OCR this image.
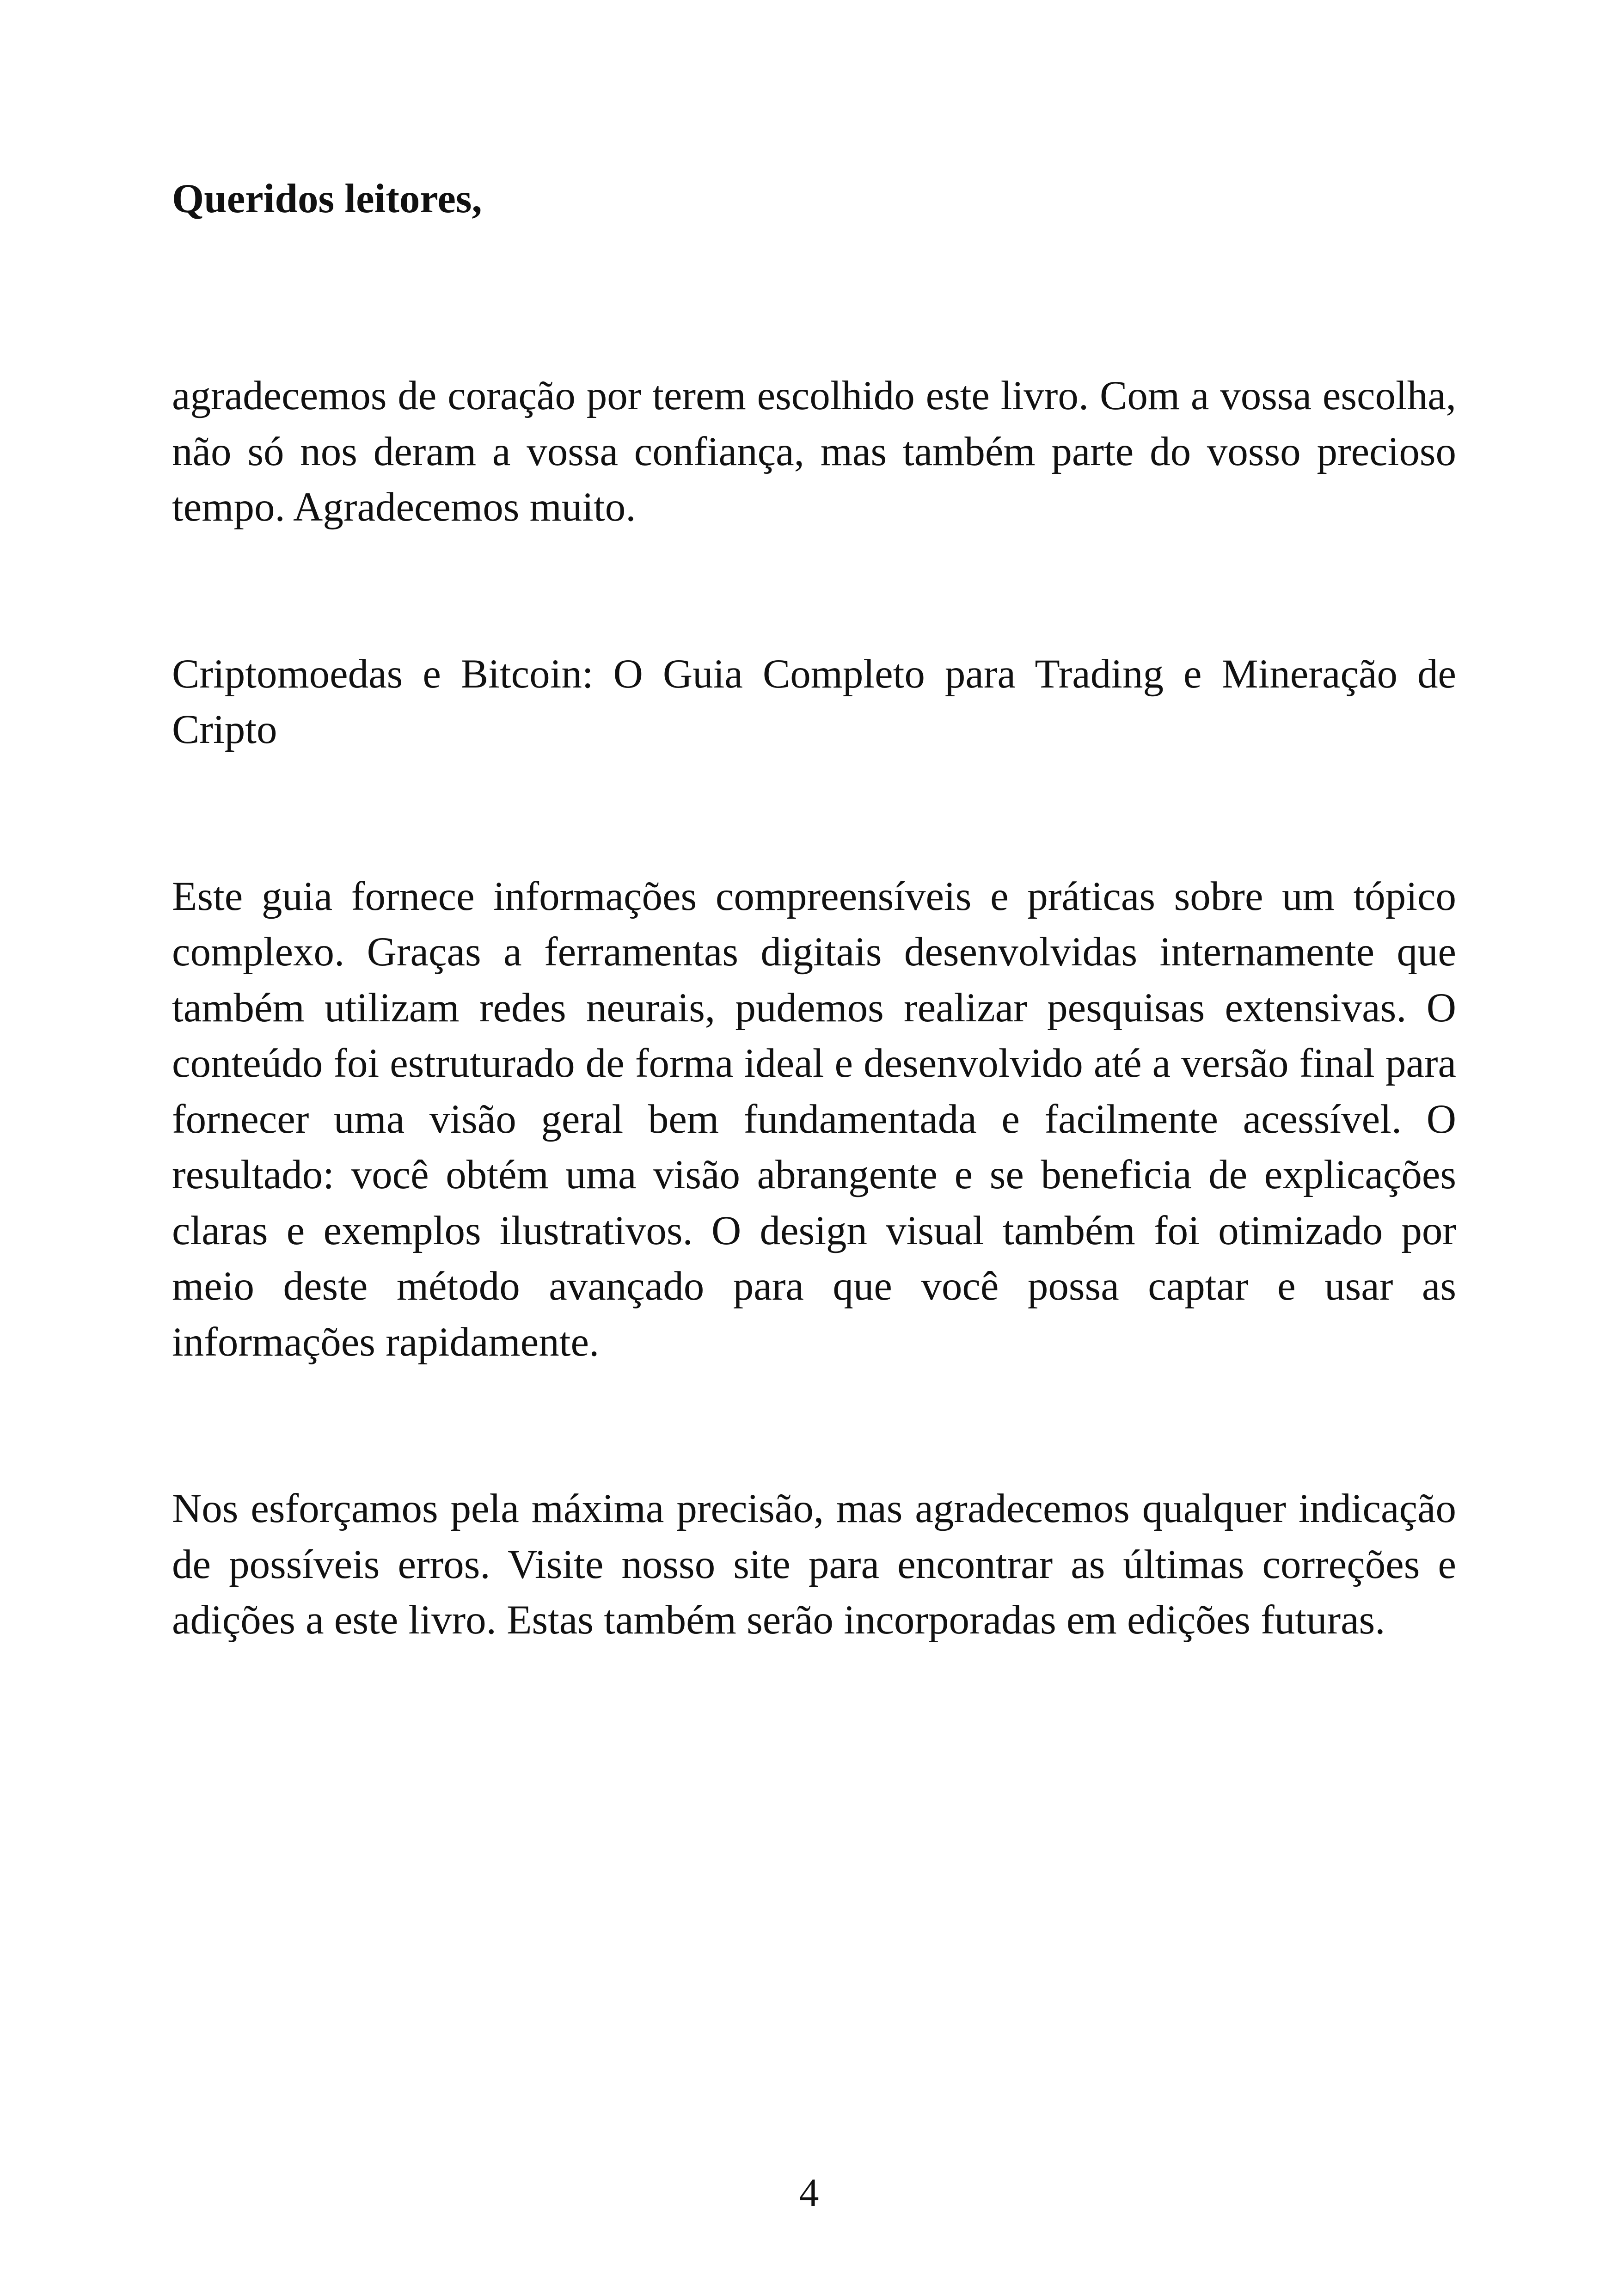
Queridos leitores,

agradecemos de coração por terem escolhido este livro. Com a vossa escolha, não só nos deram a vossa confiança, mas também parte do vosso precioso tempo. Agradecemos muito.

Criptomoedas e Bitcoin: O Guia Completo para Trading e Mineração de Cripto

Este guia fornece informações compreensíveis e práticas sobre um tópico complexo. Graças a ferramentas digitais desenvolvidas internamente que também utilizam redes neurais, pudemos realizar pesquisas extensivas. O conteúdo foi estruturado de forma ideal e desenvolvido até a versão final para fornecer uma visão geral bem fundamentada e facilmente acessível. O resultado: você obtém uma visão abrangente e se beneficia de explicações claras e exemplos ilustrativos. O design visual também foi otimizado por meio deste método avançado para que você possa captar e usar as informações rapidamente.

Nos esforçamos pela máxima precisão, mas agradecemos qualquer indicação de possíveis erros. Visite nosso site para encontrar as últimas correções e adições a este livro. Estas também serão incorporadas em edições futuras.

4
